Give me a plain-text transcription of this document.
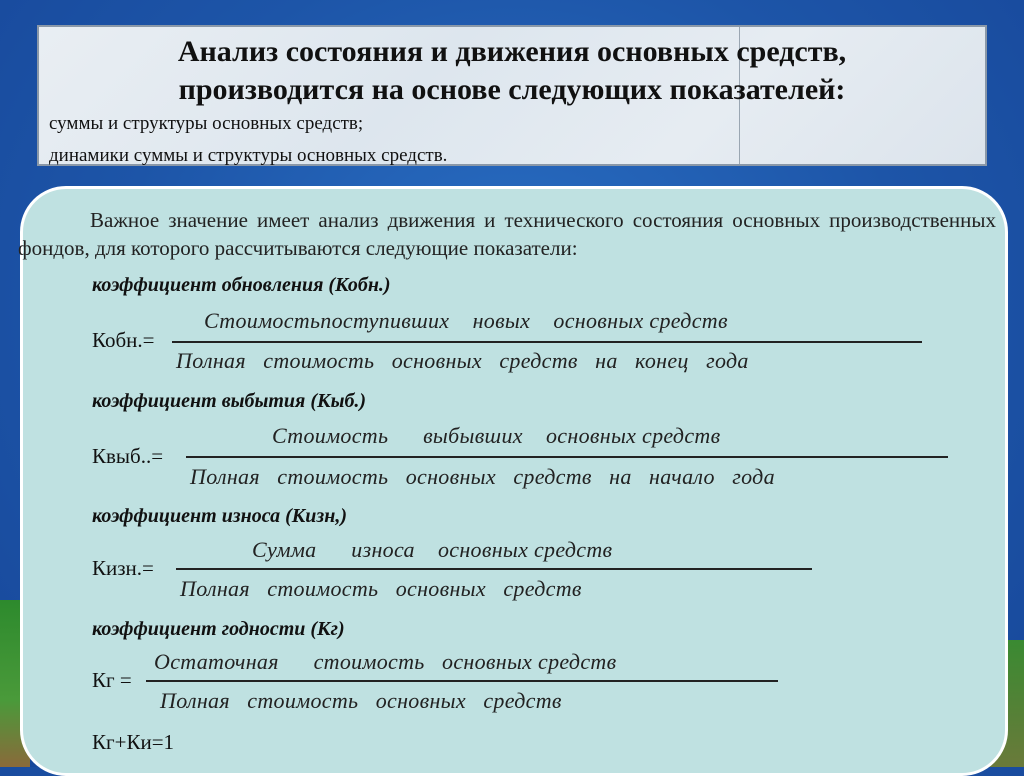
Анализ состояния и движения основных средств,
производится на основе следующих показателей:
суммы и структуры основных средств;
динамики суммы и структуры основных средств.

Важное значение имеет анализ движения и технического состояния основных производственных фондов, для которого рассчитываются следующие показатели:

коэффициент обновления (Кобн.)
Кобн.=
Стоимостьпоступивших    новых    основных средств
Полная   стоимость   основных   средств   на   конец   года
коэффициент выбытия (Кыб.)
Квыб..=
Стоимость      выбывших    основных средств
Полная   стоимость   основных   средств   на   начало   года
коэффициент износа (Кизн,)
Кизн.=
Сумма      износа    основных средств
Полная   стоимость   основных   средств
коэффициент годности (Кг)
Кг =
Остаточная      стоимость   основных средств
Полная   стоимость   основных   средств
Кг+Ки=1
